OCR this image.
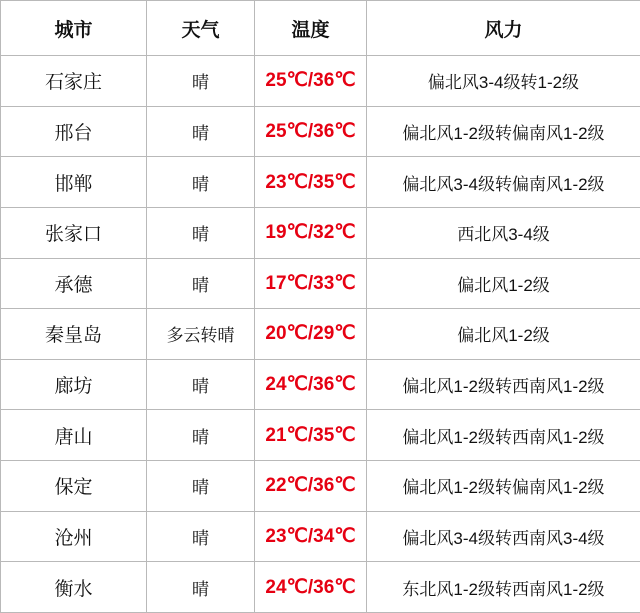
城市	天气	温度	风力
石家庄	晴	25℃/36℃	偏北风3-4级转1-2级
邢台	晴	25℃/36℃	偏北风1-2级转偏南风1-2级
邯郸	晴	23℃/35℃	偏北风3-4级转偏南风1-2级
张家口	晴	19℃/32℃	西北风3-4级
承德	晴	17℃/33℃	偏北风1-2级
秦皇岛	多云转晴	20℃/29℃	偏北风1-2级
廊坊	晴	24℃/36℃	偏北风1-2级转西南风1-2级
唐山	晴	21℃/35℃	偏北风1-2级转西南风1-2级
保定	晴	22℃/36℃	偏北风1-2级转偏南风1-2级
沧州	晴	23℃/34℃	偏北风3-4级转西南风3-4级
衡水	晴	24℃/36℃	东北风1-2级转西南风1-2级
